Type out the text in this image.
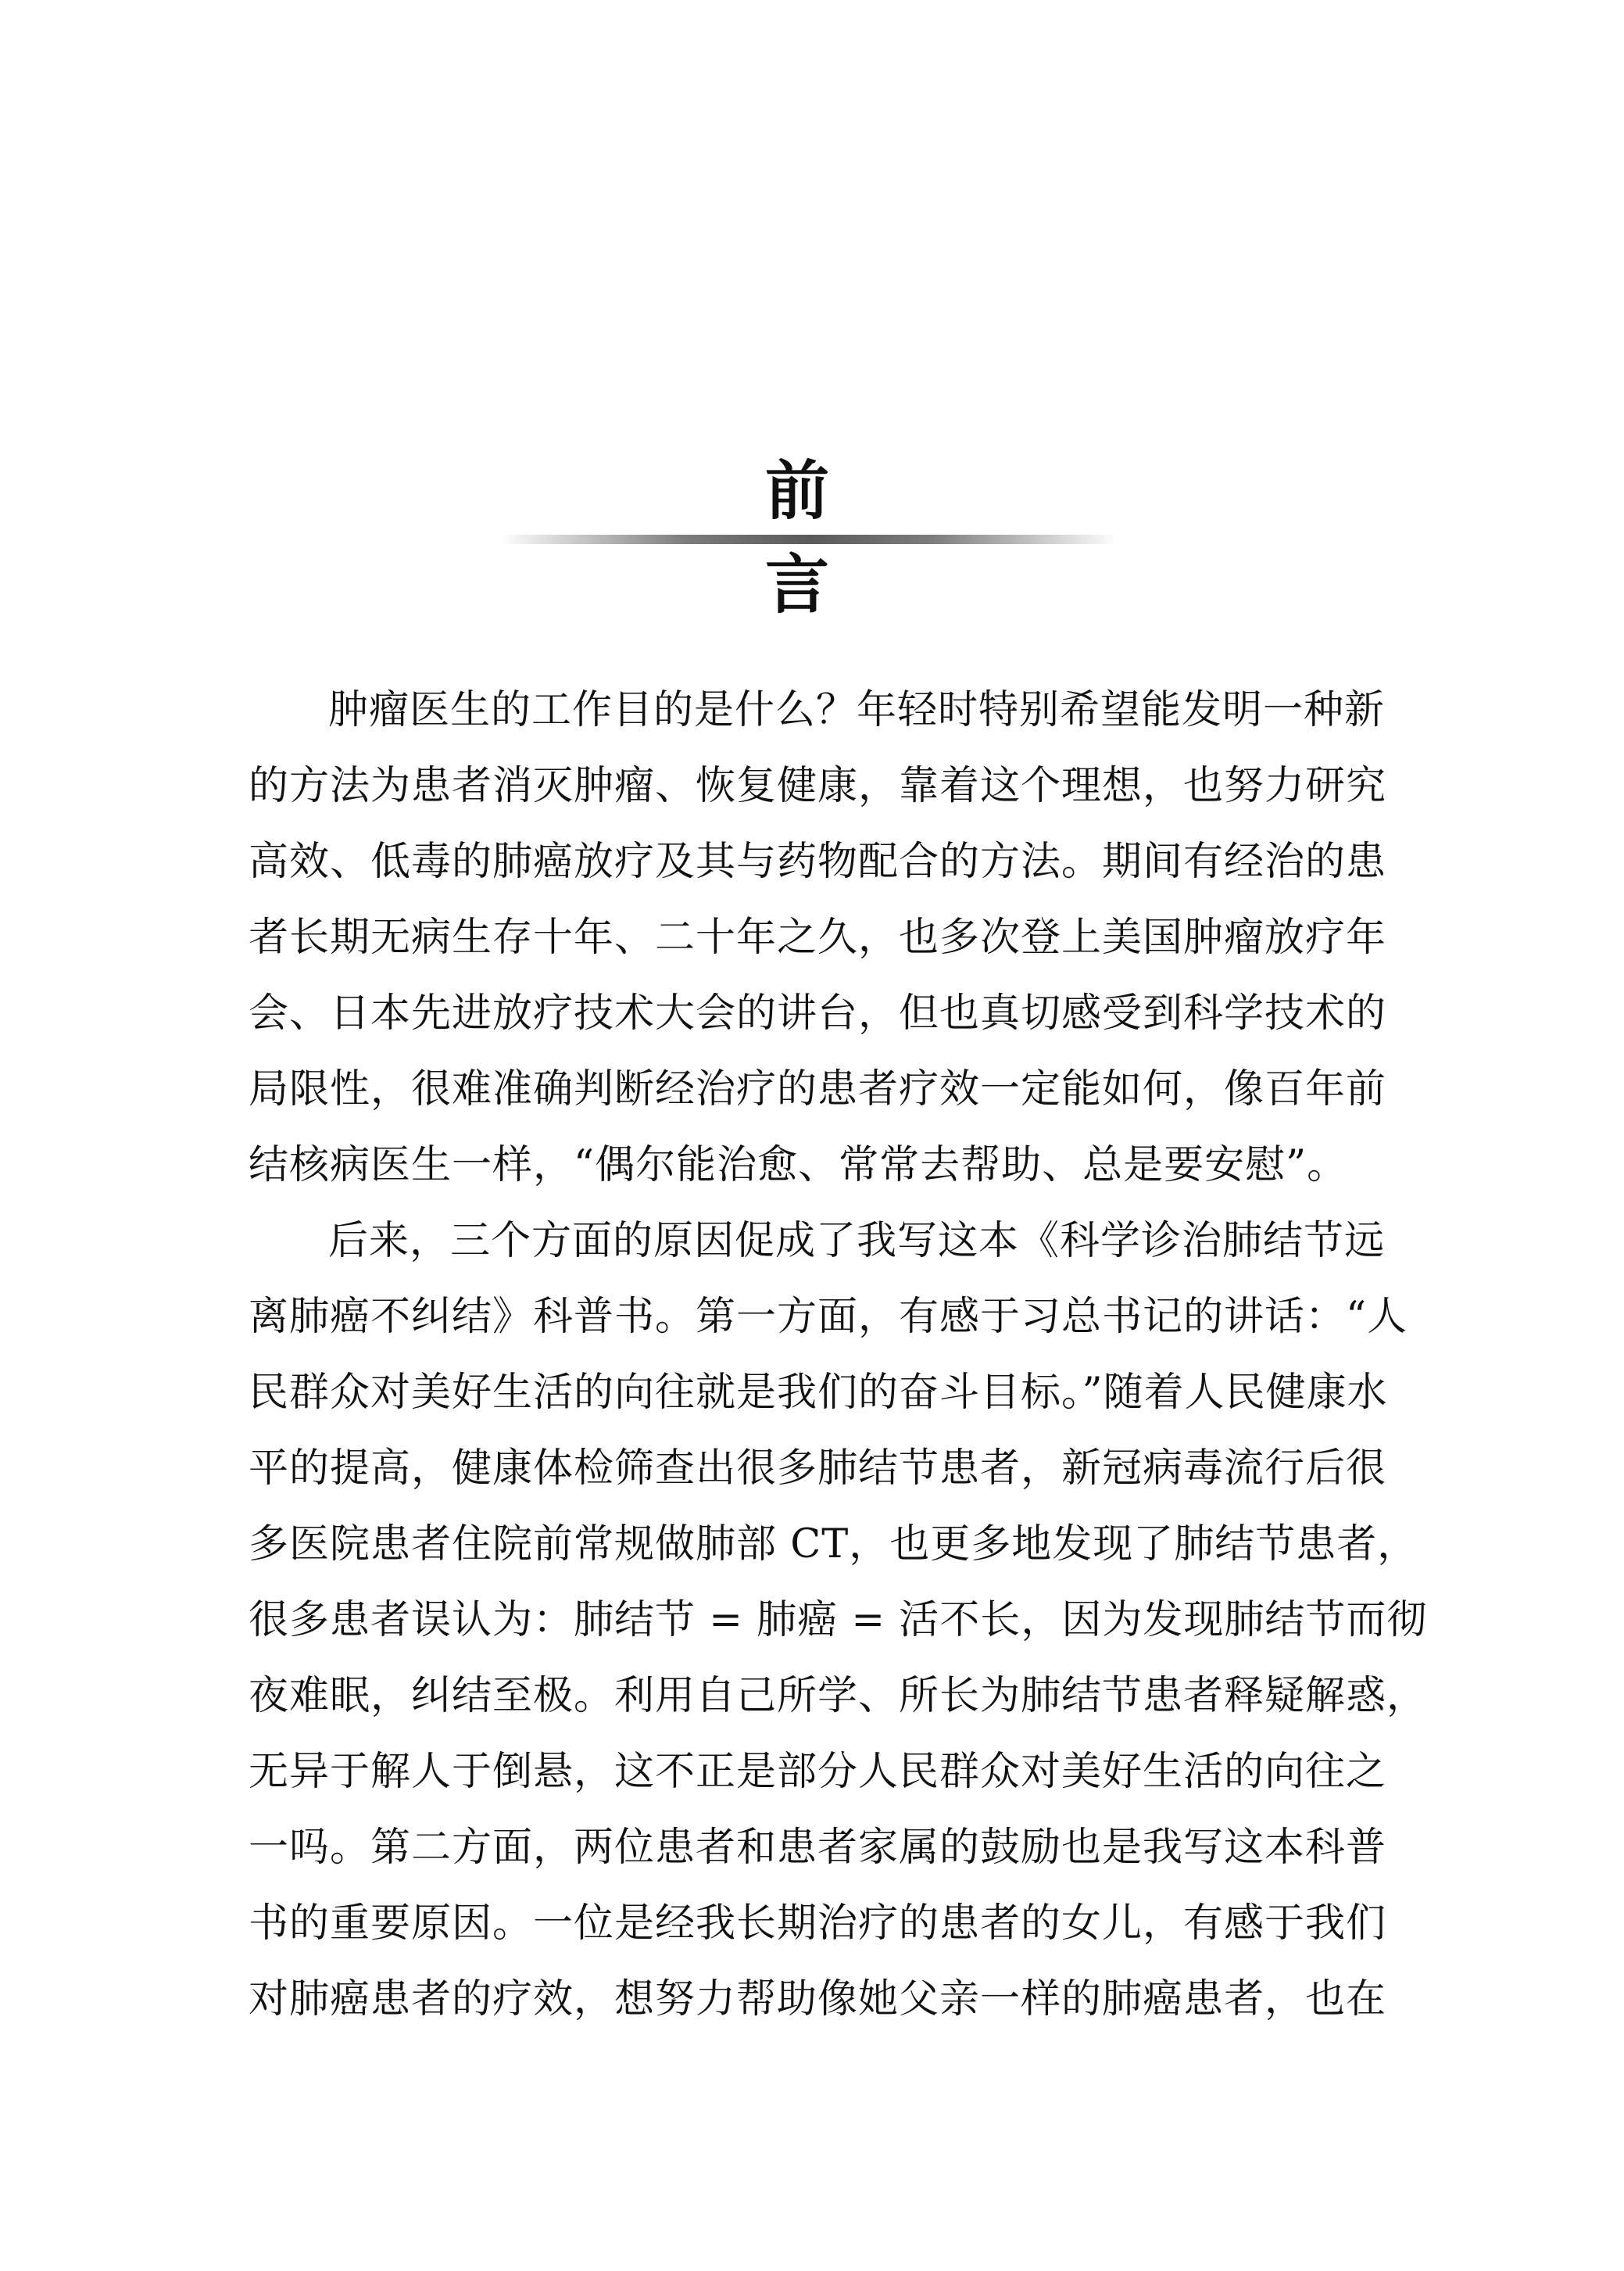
前　　言
肿瘤医生的工作目的是什么？年轻时特别希望能发明一种新
的方法为患者消灭肿瘤、恢复健康，靠着这个理想，也努力研究
高效、低毒的肺癌放疗及其与药物配合的方法。期间有经治的患
者长期无病生存十年、二十年之久，也多次登上美国肿瘤放疗年
会、日本先进放疗技术大会的讲台，但也真切感受到科学技术的
局限性，很难准确判断经治疗的患者疗效一定能如何，像百年前
结核病医生一样，“偶尔能治愈、常常去帮助、总是要安慰”。
后来，三个方面的原因促成了我写这本《科学诊治肺结节远
离肺癌不纠结》科普书。第一方面，有感于习总书记的讲话：“人
民群众对美好生活的向往就是我们的奋斗目标。”随着人民健康水
平的提高，健康体检筛查出很多肺结节患者，新冠病毒流行后很
多医院患者住院前常规做肺部 CT，也更多地发现了肺结节患者，
很多患者误认为：肺结节 = 肺癌 = 活不长，因为发现肺结节而彻
夜难眠，纠结至极。利用自己所学、所长为肺结节患者释疑解惑，
无异于解人于倒悬，这不正是部分人民群众对美好生活的向往之
一吗。第二方面，两位患者和患者家属的鼓励也是我写这本科普
书的重要原因。一位是经我长期治疗的患者的女儿，有感于我们
对肺癌患者的疗效，想努力帮助像她父亲一样的肺癌患者，也在
